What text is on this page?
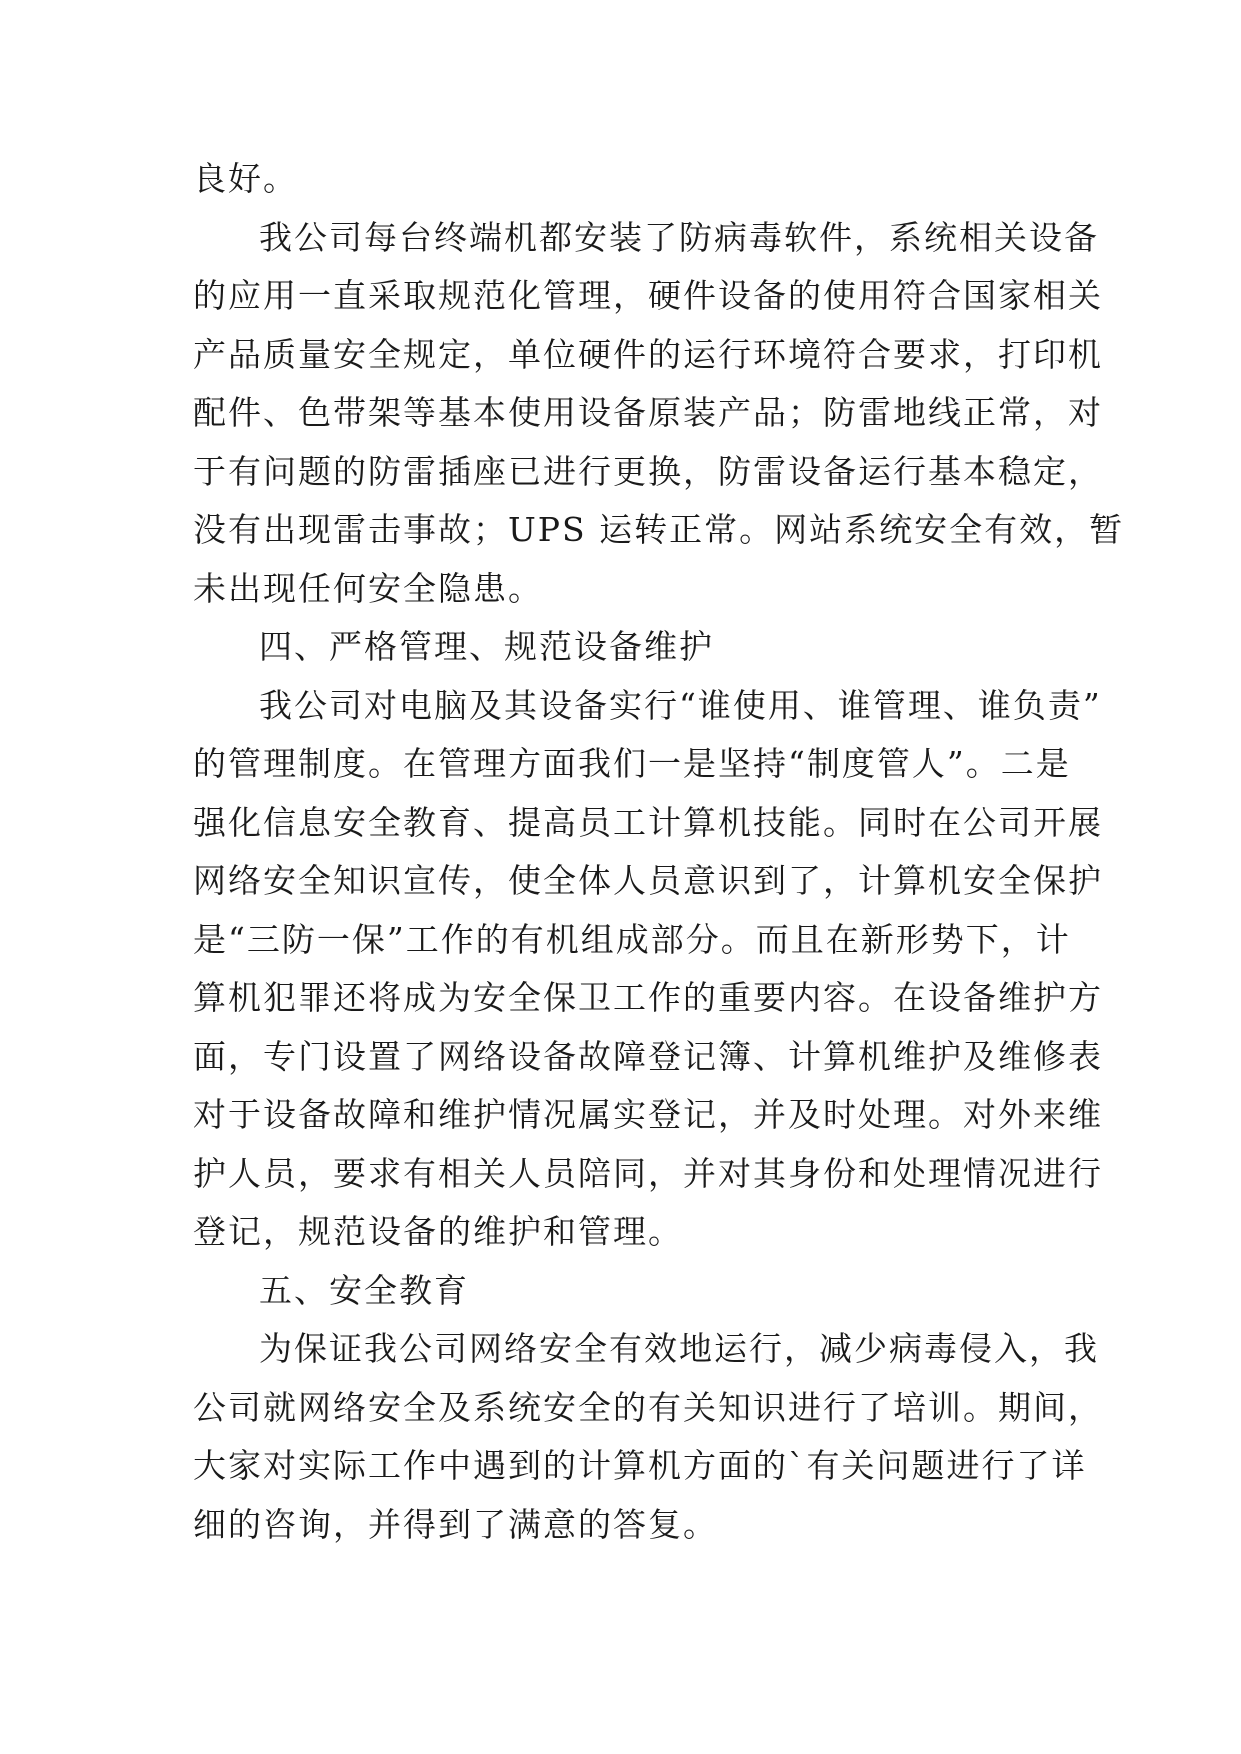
良好。
我公司每台终端机都安装了防病毒软件，系统相关设备
的应用一直采取规范化管理，硬件设备的使用符合国家相关
产品质量安全规定，单位硬件的运行环境符合要求，打印机
配件、色带架等基本使用设备原装产品；防雷地线正常，对
于有问题的防雷插座已进行更换，防雷设备运行基本稳定，
没有出现雷击事故；UPS 运转正常。网站系统安全有效，暂
未出现任何安全隐患。
四、严格管理、规范设备维护
我公司对电脑及其设备实行“谁使用、谁管理、谁负责”
的管理制度。在管理方面我们一是坚持“制度管人”。二是
强化信息安全教育、提高员工计算机技能。同时在公司开展
网络安全知识宣传，使全体人员意识到了，计算机安全保护
是“三防一保”工作的有机组成部分。而且在新形势下，计
算机犯罪还将成为安全保卫工作的重要内容。在设备维护方
面，专门设置了网络设备故障登记簿、计算机维护及维修表
对于设备故障和维护情况属实登记，并及时处理。对外来维
护人员，要求有相关人员陪同，并对其身份和处理情况进行
登记，规范设备的维护和管理。
五、安全教育
为保证我公司网络安全有效地运行，减少病毒侵入，我
公司就网络安全及系统安全的有关知识进行了培训。期间，
大家对实际工作中遇到的计算机方面的`有关问题进行了详
细的咨询，并得到了满意的答复。
